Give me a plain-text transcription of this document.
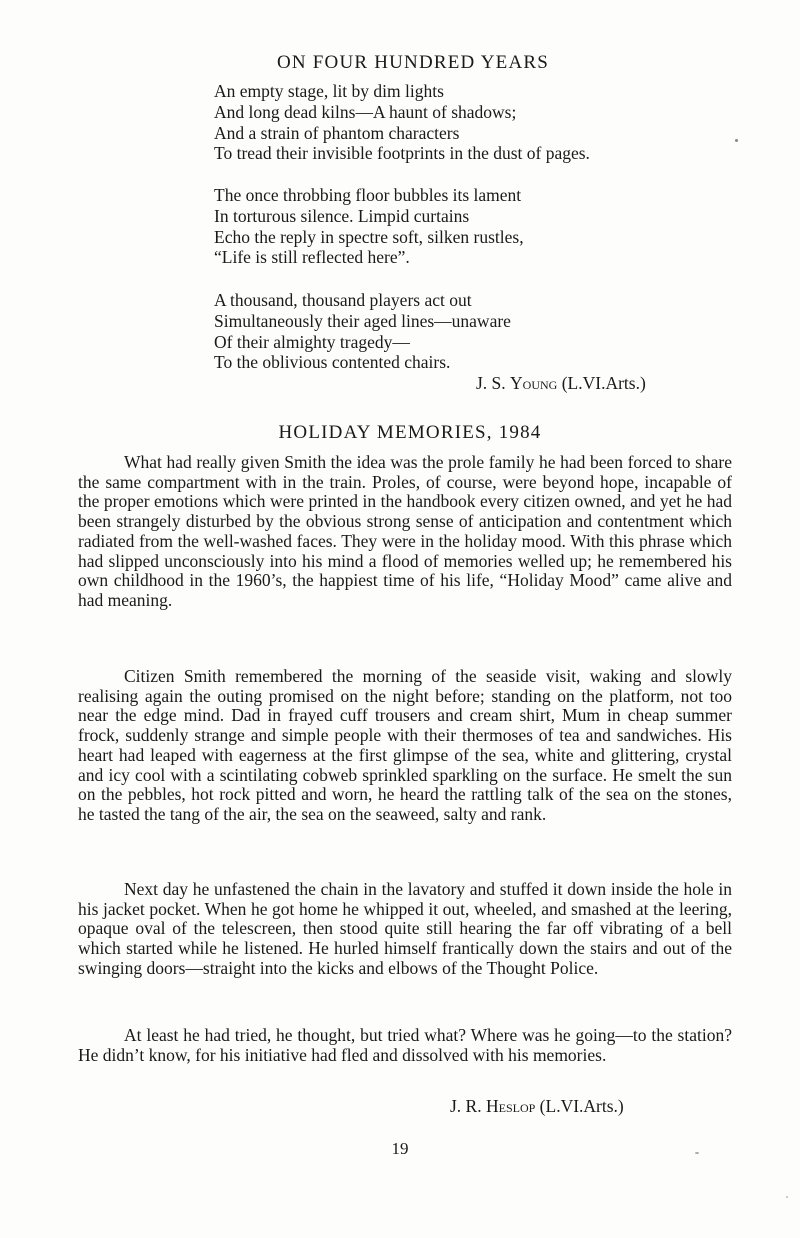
ON FOUR HUNDRED YEARS
An empty stage, lit by dim lights
And long dead kilns—A haunt of shadows;
And a strain of phantom characters
To tread their invisible footprints in the dust of pages.
The once throbbing floor bubbles its lament
In torturous silence. Limpid curtains
Echo the reply in spectre soft, silken rustles,
“Life is still reflected here”.
A thousand, thousand players act out
Simultaneously their aged lines—unaware
Of their almighty tragedy—
To the oblivious contented chairs.
J. S. Young (L.VI.Arts.)
HOLIDAY MEMORIES, 1984

What had really given Smith the idea was the prole family he had been forced to share the same compartment with in the train. Proles, of course, were beyond hope, incapable of the proper emotions which were printed in the handbook every citizen owned, and yet he had been strangely disturbed by the obvious strong sense of anticipation and contentment which radiated from the well-washed faces. They were in the holiday mood. With this phrase which had slipped unconsciously into his mind a flood of memories welled up; he remembered his own childhood in the 1960’s, the happiest time of his life, “Holiday Mood” came alive and had meaning.

Citizen Smith remembered the morning of the seaside visit, waking and slowly realising again the outing promised on the night before; standing on the platform, not too near the edge mind. Dad in frayed cuff trousers and cream shirt, Mum in cheap summer frock, suddenly strange and simple people with their thermoses of tea and sandwiches. His heart had leaped with eagerness at the first glimpse of the sea, white and glittering, crystal and icy cool with a scintilating cobweb sprinkled sparkling on the surface. He smelt the sun on the pebbles, hot rock pitted and worn, he heard the rattling talk of the sea on the stones, he tasted the tang of the air, the sea on the seaweed, salty and rank.

Next day he unfastened the chain in the lavatory and stuffed it down inside the hole in his jacket pocket. When he got home he whipped it out, wheeled, and smashed at the leering, opaque oval of the telescreen, then stood quite still hearing the far off vibrating of a bell which started while he listened. He hurled himself frantically down the stairs and out of the swinging doors—straight into the kicks and elbows of the Thought Police.

At least he had tried, he thought, but tried what? Where was he going—to the station? He didn’t know, for his initiative had fled and dissolved with his memories.

J. R. Heslop (L.VI.Arts.)
19
